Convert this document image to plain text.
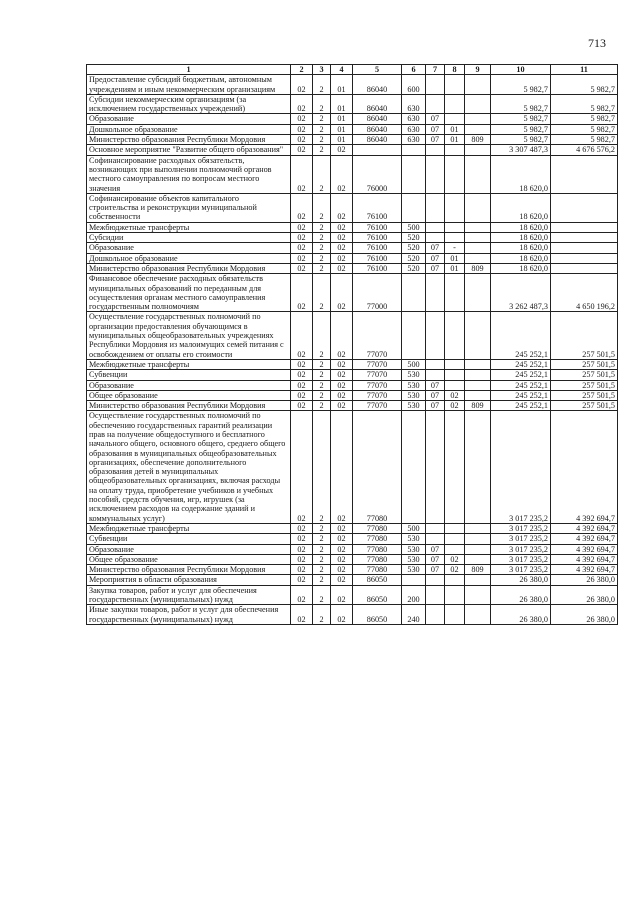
713
1	2	3	4	5	6	7	8	9	10	11
Предоставление субсидий бюджетным, автономным учреждениям и иным некоммерческим организациям	02	2	01	86040	600				5 982,7	5 982,7
Субсидии некоммерческим организациям (за исключением государственных учреждений)	02	2	01	86040	630				5 982,7	5 982,7
Образование	02	2	01	86040	630	07			5 982,7	5 982,7
Дошкольное образование	02	2	01	86040	630	07	01		5 982,7	5 982,7
Министерство образования Республики Мордовия	02	2	01	86040	630	07	01	809	5 982,7	5 982,7
Основное мероприятие "Развитие общего образования"	02	2	02						3 307 487,3	4 676 576,2
Софинансирование расходных обязательств, возникающих при выполнении полномочий органов местного самоуправления по вопросам местного значения	02	2	02	76000					18 620,0	
Софинансирование объектов капитального строительства и реконструкции муниципальной собственности	02	2	02	76100					18 620,0	
Межбюджетные трансферты	02	2	02	76100	500				18 620,0	
Субсидии	02	2	02	76100	520				18 620,0	
Образование	02	2	02	76100	520	07	-		18 620,0	
Дошкольное образование	02	2	02	76100	520	07	01		18 620,0	
Министерство образования Республики Мордовия	02	2	02	76100	520	07	01	809	18 620,0	
Финансовое обеспечение расходных обязательств муниципальных образований по переданным для осуществления органам местного самоуправления государственным полномочиям	02	2	02	77000					3 262 487,3	4 650 196,2
Осуществление государственных полномочий по организации предоставления обучающимся в муниципальных общеобразовательных учреждениях Республики Мордовия из малоимущих семей питания с освобождением от оплаты его стоимости	02	2	02	77070					245 252,1	257 501,5
Межбюджетные трансферты	02	2	02	77070	500				245 252,1	257 501,5
Субвенции	02	2	02	77070	530				245 252,1	257 501,5
Образование	02	2	02	77070	530	07			245 252,1	257 501,5
Общее образование	02	2	02	77070	530	07	02		245 252,1	257 501,5
Министерство образования Республики Мордовия	02	2	02	77070	530	07	02	809	245 252,1	257 501,5
Осуществление государственных полномочий по обеспечению государственных гарантий реализации прав на получение общедоступного и бесплатного начального общего, основного общего, среднего общего образования в муниципальных общеобразовательных организациях, обеспечение дополнительного образования детей в муниципальных общеобразовательных организациях, включая расходы на оплату труда, приобретение учебников и учебных пособий, средств обучения, игр, игрушек (за исключением расходов на содержание зданий и коммунальных услуг)	02	2	02	77080					3 017 235,2	4 392 694,7
Межбюджетные трансферты	02	2	02	77080	500				3 017 235,2	4 392 694,7
Субвенции	02	2	02	77080	530				3 017 235,2	4 392 694,7
Образование	02	2	02	77080	530	07			3 017 235,2	4 392 694,7
Общее образование	02	2	02	77080	530	07	02		3 017 235,2	4 392 694,7
Министерство образования Республики Мордовия	02	2	02	77080	530	07	02	809	3 017 235,2	4 392 694,7
Мероприятия в области образования	02	2	02	86050					26 380,0	26 380,0
Закупка товаров, работ и услуг для обеспечения государственных (муниципальных) нужд	02	2	02	86050	200				26 380,0	26 380,0
Иные закупки товаров, работ и услуг для обеспечения государственных (муниципальных) нужд	02	2	02	86050	240				26 380,0	26 380,0
